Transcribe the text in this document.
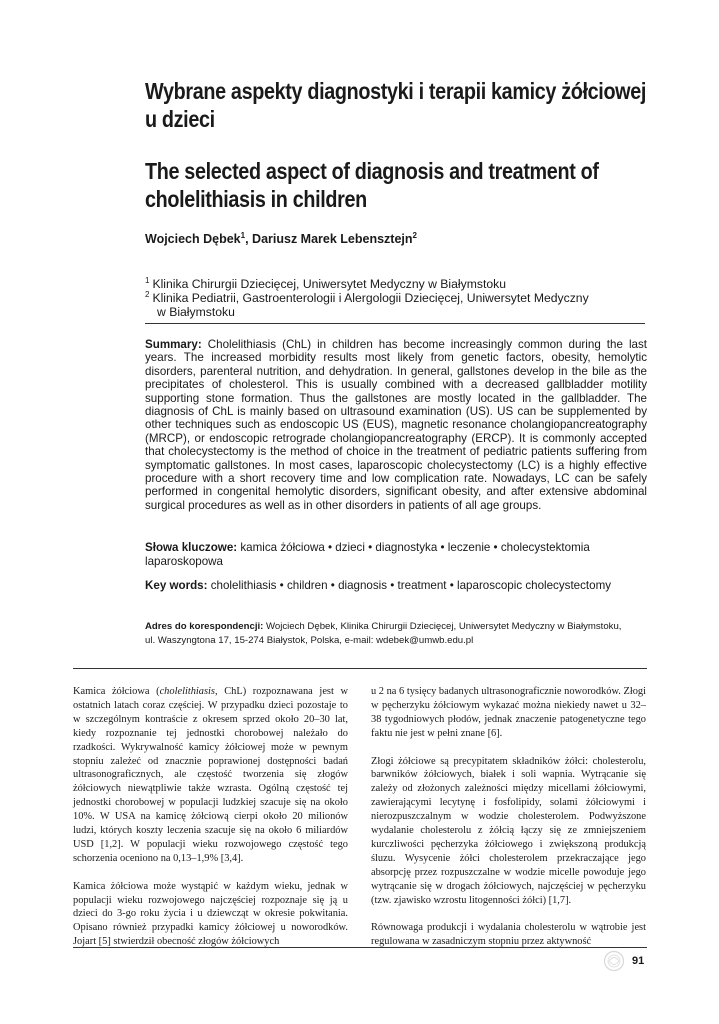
Wybrane aspekty diagnostyki i terapii kamicy żółciowej u dzieci
The selected aspect of diagnosis and treatment of cholelithiasis in children
Wojciech Dębek$^1$, Dariusz Marek Lebensztejn$^2$
$^1$ Klinika Chirurgii Dziecięcej, Uniwersytet Medyczny w Białymstoku
$^2$ Klinika Pediatrii, Gastroenterologii i Alergologii Dziecięcej, Uniwersytet Medyczny
w Białymstoku
Summary: Cholelithiasis (ChL) in children has become increasingly common during the last years. The increased morbidity results most likely from genetic factors, obesity, hemolytic disorders, parenteral nutrition, and dehydration. In general, gallstones develop in the bile as the precipitates of cholesterol. This is usually combined with a decreased gallbladder motility supporting stone formation. Thus the gallstones are mostly located in the gallbladder. The diagnosis of ChL is mainly based on ultrasound examination (US). US can be supplemented by other techniques such as endoscopic US (EUS), magnetic resonance cholangiopancreatography (MRCP), or endoscopic retrograde cholangiopancreatography (ERCP). It is commonly accepted that cholecystectomy is the method of choice in the treatment of pediatric patients suffering from symptomatic gallstones. In most cases, laparoscopic cholecystectomy (LC) is a highly effective procedure with a short recovery time and low complication rate. Nowadays, LC can be safely performed in congenital hemolytic disorders, significant obesity, and after extensive abdominal surgical procedures as well as in other disorders in patients of all age groups.
Słowa kluczowe: kamica żółciowa • dzieci • diagnostyka • leczenie • cholecystektomia laparoskopowa
Key words: cholelithiasis • children • diagnosis • treatment • laparoscopic cholecystectomy
Adres do korespondencji: Wojciech Dębek, Klinika Chirurgii Dziecięcej, Uniwersytet Medyczny w Białymstoku,
ul. Waszyngtona 17, 15-274 Białystok, Polska, e-mail: wdebek@umwb.edu.pl

Kamica żółciowa (cholelithiasis, ChL) rozpoznawana jest w ostatnich latach coraz częściej. W przypadku dzieci pozostaje to w szczególnym kontraście z okresem sprzed około 20–30 lat, kiedy rozpoznanie tej jednostki chorobowej należało do rzadkości. Wykrywalność kamicy żółciowej może w pewnym stopniu zależeć od znacznie poprawionej dostępności badań ultrasonograficznych, ale częstość tworzenia się złogów żółciowych niewątpliwie także wzrasta. Ogólną częstość tej jednostki chorobowej w populacji ludzkiej szacuje się na około 10%. W USA na kamicę żółciową cierpi około 20 milionów ludzi, których koszty leczenia szacuje się na około 6 miliardów USD [1,2]. W populacji wieku rozwojowego częstość tego schorzenia oceniono na 0,13–1,9% [3,4].

Kamica żółciowa może wystąpić w każdym wieku, jednak w populacji wieku rozwojowego najczęściej rozpoznaje się ją u dzieci do 3-go roku życia i u dziewcząt w okresie pokwitania. Opisano również przypadki kamicy żółciowej u noworodków. Jojart [5] stwierdził obecność złogów żółciowych

u 2 na 6 tysięcy badanych ultrasonograficznie noworodków. Złogi w pęcherzyku żółciowym wykazać można niekiedy nawet u 32–38 tygodniowych płodów, jednak znaczenie patogenetyczne tego faktu nie jest w pełni znane [6].

Złogi żółciowe są precypitatem składników żółci: cholesterolu, barwników żółciowych, białek i soli wapnia. Wytrącanie się zależy od złożonych zależności między micellami żółciowymi, zawierającymi lecytynę i fosfolipidy, solami żółciowymi i nierozpuszczalnym w wodzie cholesterolem. Podwyższone wydalanie cholesterolu z żółcią łączy się ze zmniejszeniem kurczliwości pęcherzyka żółciowego i zwiększoną produkcją śluzu. Wysycenie żółci cholesterolem przekraczające jego absorpcję przez rozpuszczalne w wodzie micelle powoduje jego wytrącanie się w drogach żółciowych, najczęściej w pęcherzyku (tzw. zjawisko wzrostu litogenności żółci) [1,7].

Równowaga produkcji i wydalania cholesterolu w wątrobie jest regulowana w zasadniczym stopniu przez aktywność

91
